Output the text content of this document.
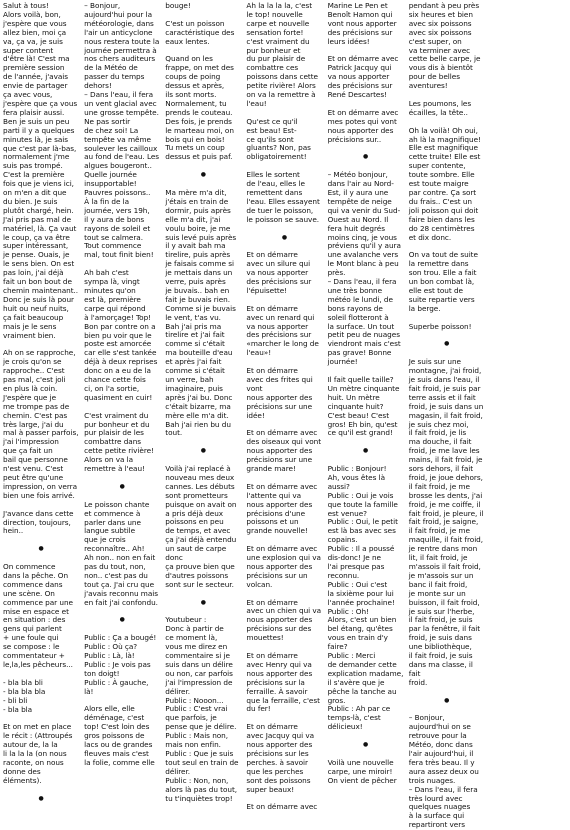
Salut à tous!
Alors voilà, bon,
j'espère que vous
allez bien, moi ça
va, ça va, je suis
super content
d'être là! C'est ma
première session
de l'année, j'avais
envie de partager
ça avec vous,
j'espère que ça vous
fera plaisir aussi.
Ben je suis un peu
parti il y a quelques
minutes là, je sais
que c'est par là-bas,
normalement j'me
suis pas trompé.
C'est la première
fois que je viens ici,
on m'en a dit que
du bien. Je suis
plutôt chargé, hein.
J'ai pris pas mal de
matériel, là. Ça vaut
le coup, ça va être
super intéressant,
je pense. Ouais, je
le sens bien. On est
pas loin, j'ai déjà
fait un bon bout de
chemin maintenant..
Donc je suis là pour
huit ou neuf nuits,
ça fait beaucoup
mais je le sens
vraiment bien.

Ah on se rapproche,
je crois qu'on se
rapproche.. C'est
pas mal, c'est joli
en plus là coin.
J'espère que je
me trompe pas de
chemin. C'est pas
très large, j'ai du
mal à passer parfois,
j'ai l'impression
que ça fait un
bail que personne
n'est venu. C'est
peut être qu'une
impression, on verra
bien une fois arrivé.

J'avance dans cette
direction, toujours,
hein..

●

On commence
dans la pêche. On
commence dans
une scène. On
commence par une
mise en espace et
en situation : des
gens qui parlent
+ une foule qui
se compose : le
commentateur +
le,la,les pêcheurs...

- bla bla bli
- bla bla bla
- bli bli
- bla bla

Et on met en place
le récit : (Attroupés
autour de, la la
li la la la (on nous
raconte, on nous
donne des éléments).

●

– Bonjour,
aujourd'hui pour la
météorologie, dans
l'air un anticyclone
nous restera toute la
journée permettra à
nos chers auditeurs
de la Météo de
passer du temps
dehors!
– Dans l'eau, il fera
un vent glacial avec
une grosse tempête.
Ne pas sortir
de chez soi! La
tempête va même
soulever les cailloux
au fond de l'eau. Les
algues bougeront..
Quelle journée
insupportable!
Pauvres poissons..
À la fin de la
journée, vers 19h,
il y aura de bons
rayons de soleil et
tout se calmera.
Tout commence
mal, tout finit bien!

Ah bah c'est
sympa là, vingt
minutes qu'on
est là, première
carpe qui répond
à l'amorçage! Top!
Bon par contre on a
bien pu voir que le
poste est amorcée
car elle s'est tankée
déjà à deux reprises
donc on a eu de la
chance cette fois
ci, on l'a sortie,
quasiment en cuir!

C'est vraiment du
pur bonheur et du
pur plaisir de les
combattre dans
cette petite rivière!
Alors on va la
remettre à l'eau!

●

Le poisson chante
et commence à
parler dans une
langue subtile
que je crois
reconnaître.. Ah!
Ah non.. non en fait
pas du tout, non,
non.. c'est pas du
tout ça. J'ai cru que
j'avais reconnu mais
en fait j'ai confondu.

●

Public : Ça a bougé!
Public : Où ça?
Public : Là, là!
Public : Je vois pas
ton doigt!
Public : À gauche,
là!

Alors elle, elle
déménage, c'est
top! C'est loin des
gros poissons de
lacs ou de grandes
fleuves mais c'est
la folie, comme elle

bouge!

C'est un poisson
caractéristique des
eaux lentes.

Quand on les
frappe, on met des
coups de poing
dessus et après,
ils sont morts.
Normalement, tu
prends le couteau.
Des fois, je prends
le marteau moi, on
bois qui en bois!
Tu mets un coup
dessus et puis paf.

●

Ma mère m'a dit,
j'étais en train de
dormir, puis après
elle m'a dit, j'ai
voulu boire, je me
suis levé puis après
il y avait bah ma
tirelire, puis après
je faisais comme si
je mettais dans un
verre, puis après
je buvais.. bah en
fait je buvais rien.
Comme si je buvais
le vent, t'as vu.
Bah j'ai pris ma
tirelire et j'ai fait
comme si c'était
ma bouteille d'eau
et après j'ai fait
comme si c'était
un verre, bah
imaginaire, puis
après j'ai bu. Donc
c'était bizarre, ma
mère elle m'a dit.
Bah j'ai rien bu du
tout.

●

Voilà j'ai replacé à
nouveau mes deux
cannes. Les débuts
sont prometteurs
puisque on avait on
a pris déjà deux
poissons en peu
de temps, et avec
ça j'ai déjà entendu
un saut de carpe donc
ça prouve bien que
d'autres poissons
sont sur le secteur.

●

Youtubeur :
Donc à partir de
ce moment là,
vous me direz en
commentaire si je
suis dans un délire
ou non, car parfois
j'ai l'impression de
délirer.
Public : Nooon...
Public : C'est vrai
que parfois, je
pense que je délire.
Public : Mais non,
mais non enfin.
Public : Que je suis
tout seul en train de
délirer.
Public : Non, non,
alors là pas du tout,
tu t'inquiètes trop!

Ah la la la la, c'est
le top! nouvelle
carpe et nouvelle
sensation forte!
c'est vraiment du
pur bonheur et
du pur plaisir de
combattre ces
poissons dans cette
petite rivière! Alors
on va la remettre à
l'eau!

Qu'est ce qu'il
est beau! Est-
ce qu'ils sont
gluants? Non, pas
obligatoirement!

Elles le sortent
de l'eau, elles le
remettent dans
l'eau. Elles essayent
de tuer le poisson,
le poisson se sauve.

●

Et on démarre
avec un silure qui
va nous apporter
des précisions sur
l'épuisette!

Et on démarre
avec un renard qui
va nous apporter
des précisions sur
«marcher le long de
l'eau»!

Et on démarre
avec des frites qui vont
nous apporter des
précisions sur une
idée!

Et on démarre avec
des oiseaux qui vont
nous apporter des
précisions sur une
grande mare!

Et on démarre avec
l'attente qui va
nous apporter des
précisions d'une
poissons et un
grande nouvelle!

Et on démarre avec
une explosion qui va
nous apporter des
précisions sur un
volcan.

Et on démarre
avec un chien qui va
nous apporter des
précisions sur des
mouettes!

Et on démarre
avec Henry qui va
nous apporter des
précisions sur la
ferraille. À savoir
que la ferraille, c'est
du fer!

Et on démarre
avec Jacquy qui va
nous apporter des
précisions sur les
perches. à savoir
que les perches
sont des poissons
super beaux!

Et on démarre avec

Marine Le Pen et
Benoît Hamon qui
vont nous apporter
des précisions sur
leurs idées!

Et on démarre avec
Patrick Jacquy qui
va nous apporter
des précisions sur
René Descartes!

Et on démarre avec
mes potes qui vont
nous apporter des
précisions sur..

●

– Météo bonjour,
dans l'air au Nord-
Est, il y aura une
tempête de neige
qui va venir du Sud-
Ouest au Nord. Il
fera huit degrés
moins cinq, je vous
préviens qu'il y aura
une avalanche vers
le Mont blanc à peu
près.
– Dans l'eau, il fera
une très bonne
météo le lundi, de
bons rayons de
soleil flotteront à
la surface. Un tout
petit peu de nuages
viendront mais c'est
pas grave! Bonne
journée!

Il fait quelle taille?
Un mètre cinquante
huit. Un mètre
cinquante huit?
C'est beau! C'est
gros! Eh bin, qu'est
ce qu'il est grand!

●

Public : Bonjour!
Ah, vous êtes là
aussi?
Public : Oui je vois
que toute la famille
est venue?
Public : Oui, le petit
est là bas avec ses
copains.
Public : Il a poussé
dis-donc! Je ne
l'ai presque pas
reconnu.
Public : Oui c'est
la sixième pour lui
l'année prochaine!
Public : Oh!
Alors, c'est un bien
bel étang, qu'êtes
vous en train d'y
faire?
Public : Merci
de demander cette
explication madame,
il s'avère que je
pêche la tanche au
gros.
Public : Ah par ce
temps-là, c'est
délicieux!

●

Voilà une nouvelle
carpe, une miroir!
On vient de pêcher

pendant à peu près
six heures et bien
avec six poissons
avec six poissons
c'est super, on
va terminer avec
cette belle carpe, je
vous dis à bientôt
pour de belles
aventures!

Les poumons, les
écailles, la tête..

Oh la voilà! Oh oui,
ah là la magnifique!
Elle est magnifique
cette truite! Elle est
super contente,
toute sombre. Elle
est toute maigre
par contre. Ça sort
du frais.. C'est un
joli poisson qui doit
faire bien dans les
do 28 centimètres
et dix donc.

On va tout de suite
la remettre dans
son trou. Elle a fait
un bon combat là,
elle est tout de
suite repartie vers
la berge.

Superbe poisson!

●

Je suis sur une
montagne, j'ai froid,
je suis dans l'eau, il
fait froid, je suis par
terre assis et il fait
froid, je suis dans un
magasin, il fait froid,
je suis chez moi,
il fait froid, je lis
ma douche, il fait
froid, je me lave les
mains, il fait froid, je
sors dehors, il fait
froid, je joue dehors,
il fait froid, je me
brosse les dents, j'ai
froid, je me coiffe, il
fait froid, je pleure, il
fait froid, je saigne,
il fait froid, je me
maquille, il fait froid,
je rentre dans mon
lit, il fait froid, je
m'assois il fait froid,
je m'assois sur un
banc il fait froid,
je monte sur un
buisson, il fait froid,
je suis sur l'herbe,
il fait froid, je suis
par la fenêtre, il fait
froid, je suis dans
une bibliothèque,
il fait froid, je suis
dans ma classe, il fait
froid.

●

– Bonjour,
aujourd'hui on se
retrouve pour la
Météo, donc dans
l'air aujourd'hui, il
fera très beau. Il y
aura assez deux ou
trois nuages.
– Dans l'eau, il fera
très lourd avec
quelques nuages
à la surface qui
repartiront vers
